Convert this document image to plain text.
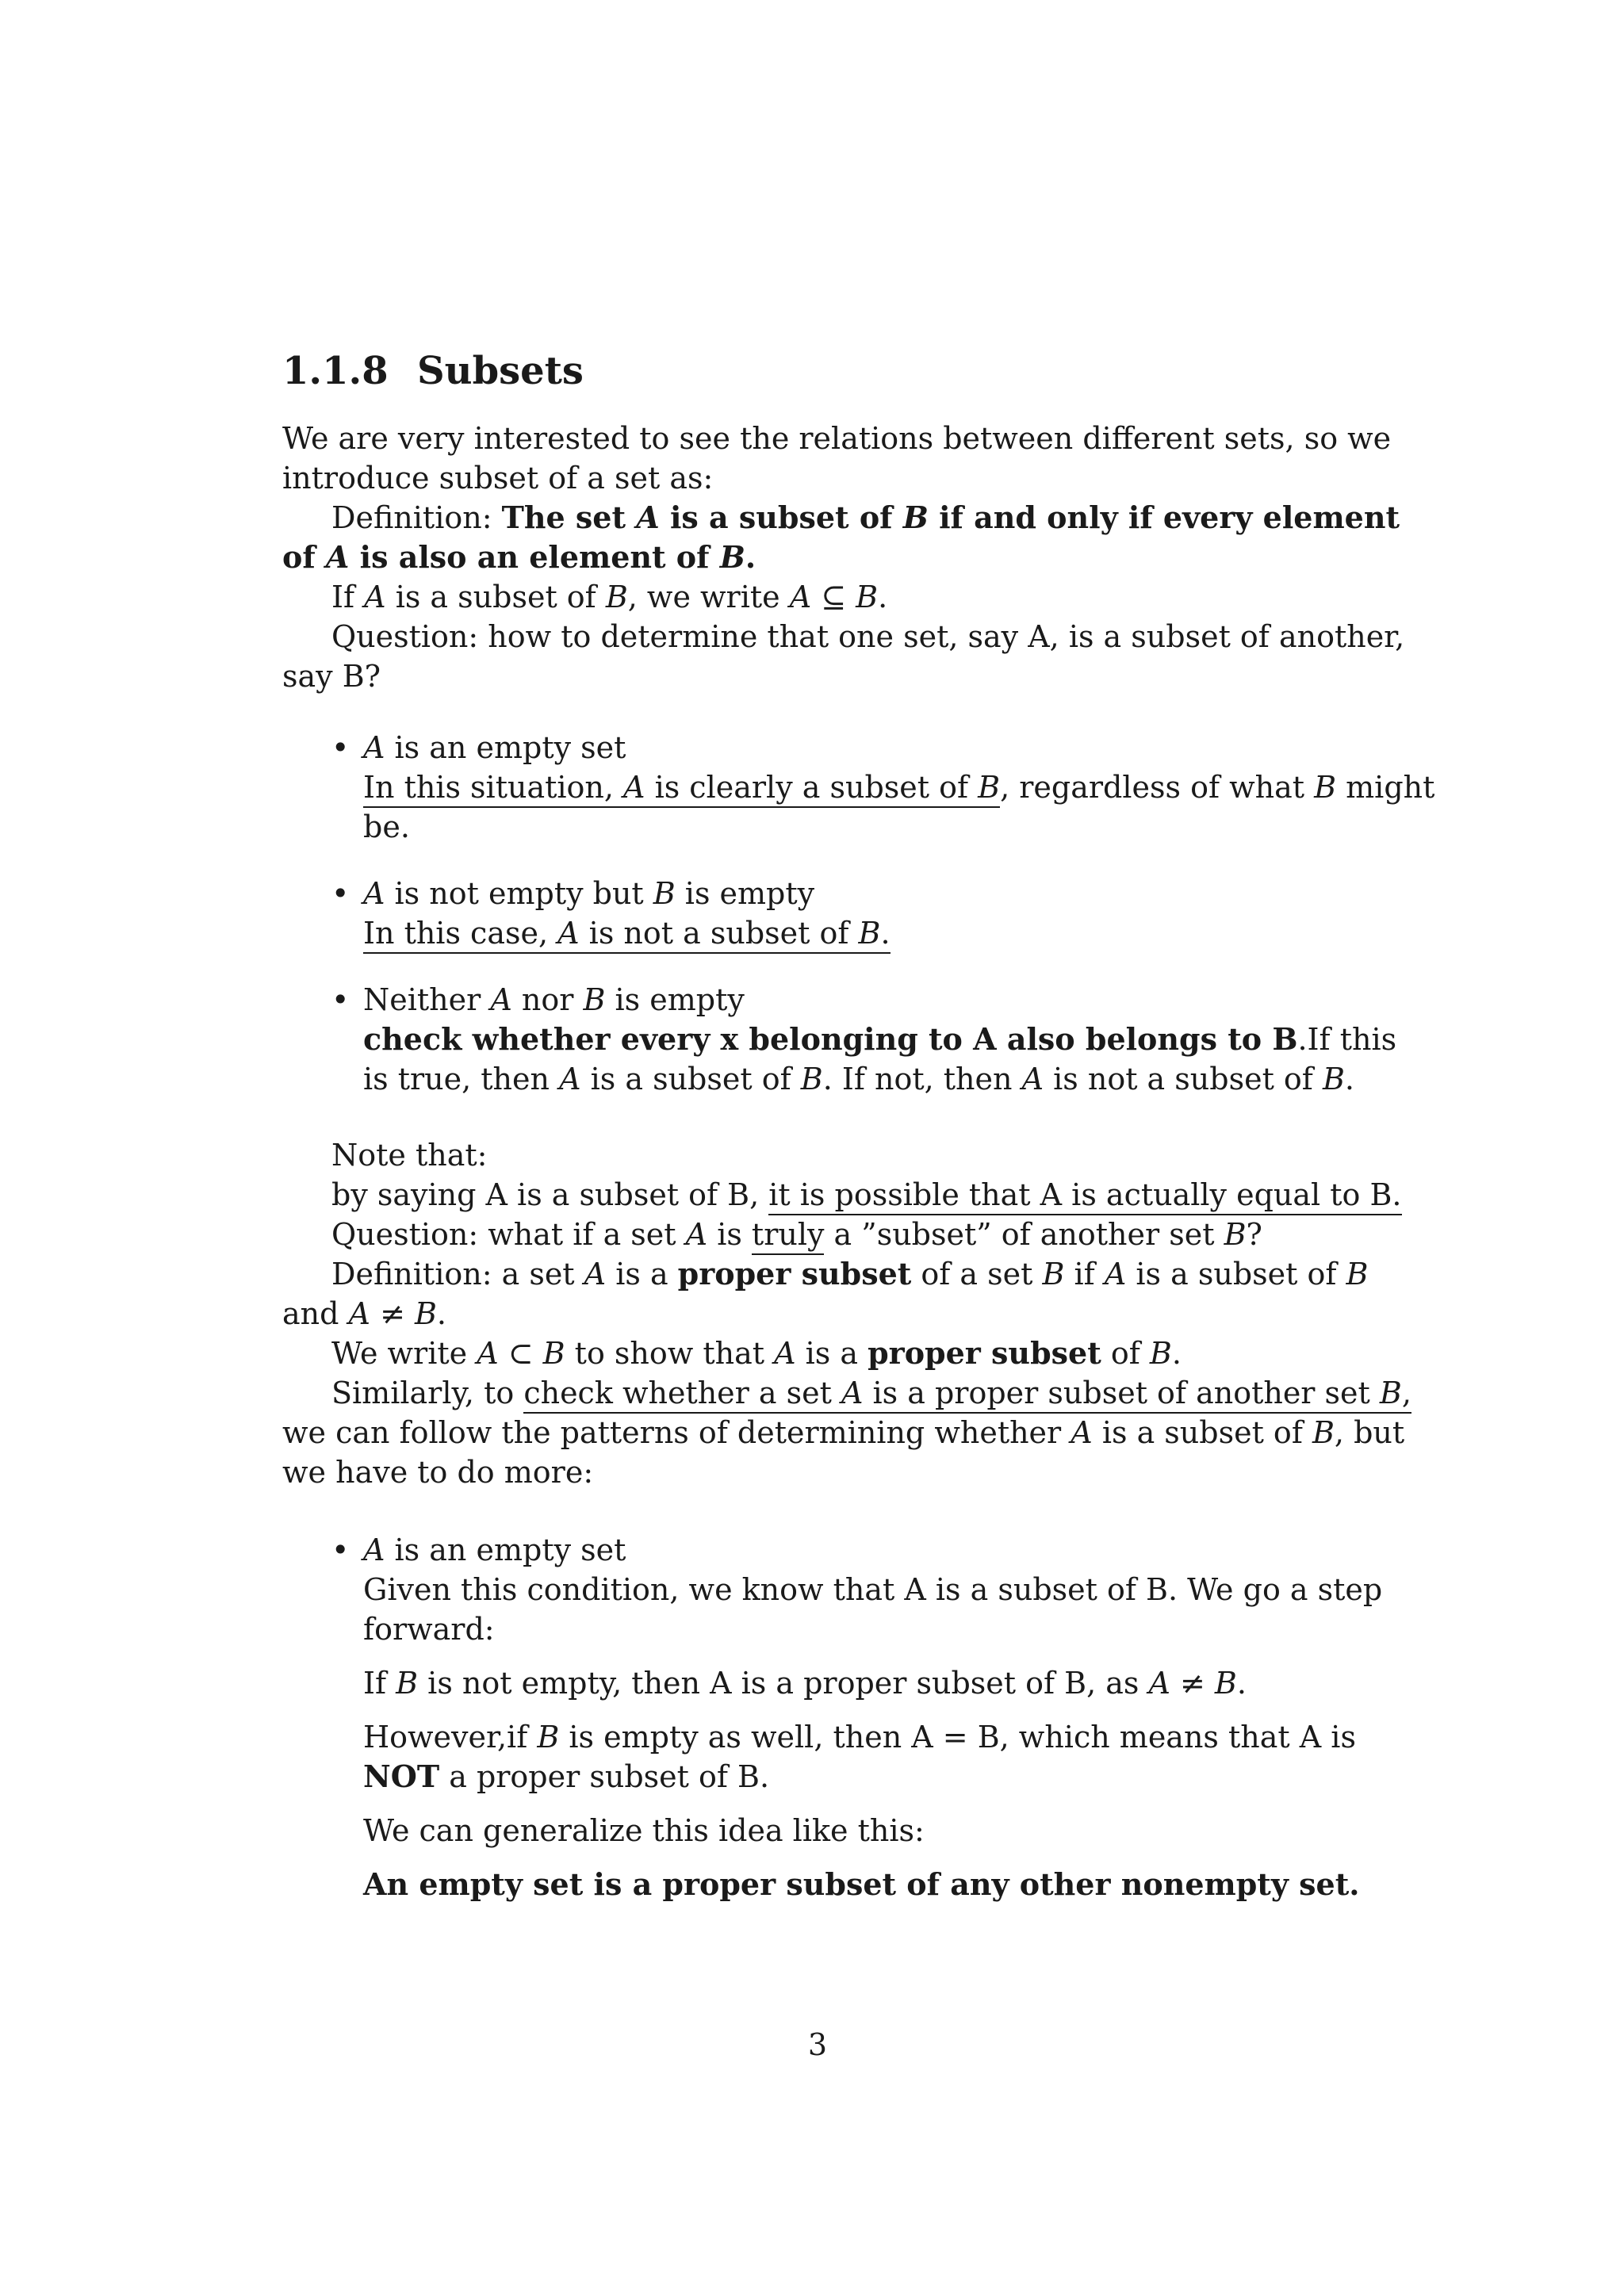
1.1.8 Subsets
We are very interested to see the relations between different sets, so we
introduce subset of a set as:
Definition: The set A is a subset of B if and only if every element
of A is also an element of B.
If A is a subset of B, we write A ⊆ B.
Question: how to determine that one set, say A, is a subset of another,
say B?
• A is an empty set
In this situation, A is clearly a subset of B, regardless of what B might
be.
• A is not empty but B is empty
In this case, A is not a subset of B.
• Neither A nor B is empty
check whether every x belonging to A also belongs to B.If this
is true, then A is a subset of B. If not, then A is not a subset of B.
Note that:
by saying A is a subset of B, it is possible that A is actually equal to B.
Question: what if a set A is truly a ”subset” of another set B?
Definition: a set A is a proper subset of a set B if A is a subset of B
and A ≠ B.
We write A ⊂ B to show that A is a proper subset of B.
Similarly, to check whether a set A is a proper subset of another set B,
we can follow the patterns of determining whether A is a subset of B, but
we have to do more:
• A is an empty set
Given this condition, we know that A is a subset of B. We go a step
forward:
If B is not empty, then A is a proper subset of B, as A ≠ B.
However,if B is empty as well, then A = B, which means that A is
NOT a proper subset of B.
We can generalize this idea like this:
An empty set is a proper subset of any other nonempty set.
3
